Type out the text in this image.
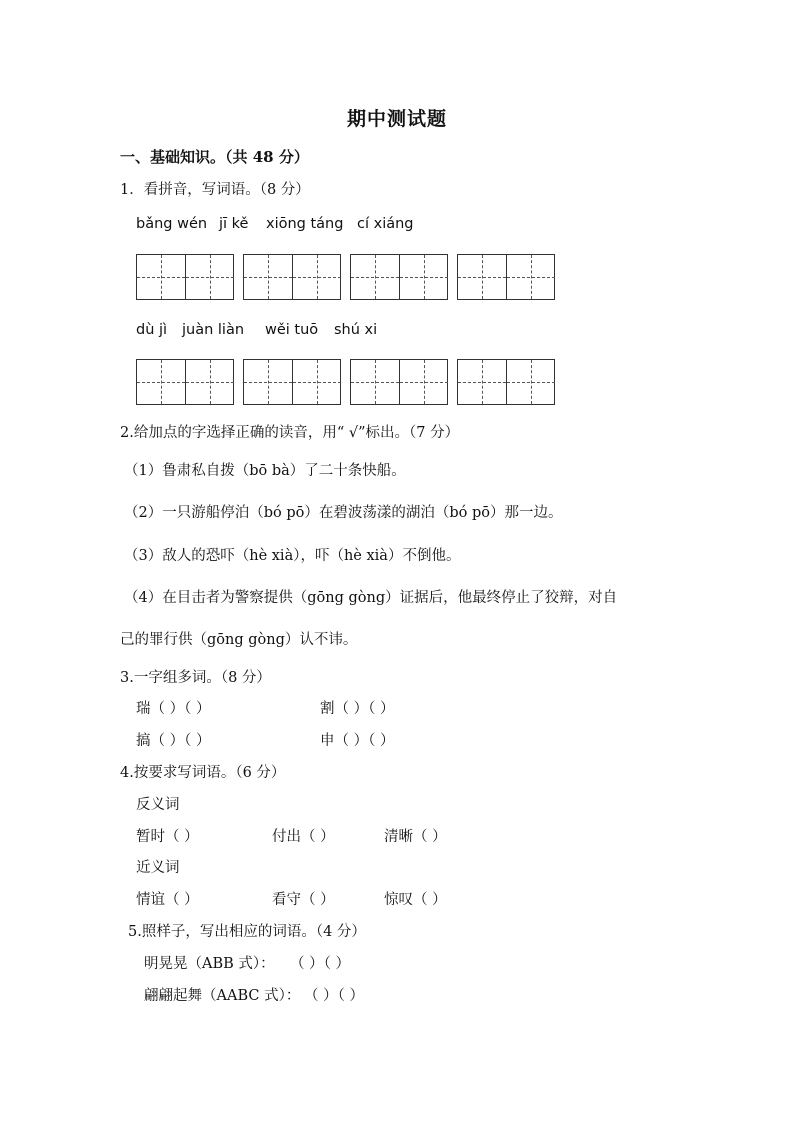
期中测试题
一、基础知识。（共 48 分）
1．看拼音，写词语。（8 分）
bǎng wén jī kě xiōng táng cí xiáng
dù jì juàn liàn wěi tuō shú xi
2.给加点的字选择正确的读音，用“ √”标出。（7 分）
（1）鲁肃私自拨（bō bà）了二十条快船。
（2）一只游船停泊（bó pō）在碧波荡漾的湖泊（bó pō）那一边。
（3）敌人的恐吓（hè xià），吓（hè xià）不倒他。
（4）在目击者为警察提供（gōng gòng）证据后，他最终停止了狡辩，对自
己的罪行供（gōng gòng）认不讳。
3.一字组多词。（8 分）
瑞（ ）（ ）	割（ ）（ ）
搞（ ）（ ）	申（ ）（ ）
4.按要求写词语。（6 分）
反义词
暂时（ ）	付出（ ）	清晰（ ）
近义词
情谊（ ）	看守（ ）	惊叹（ ）
5.照样子，写出相应的词语。（4 分）
明晃晃（ABB 式）： （ ）（ ）
翩翩起舞（AABC 式）： （ ）（ ）
